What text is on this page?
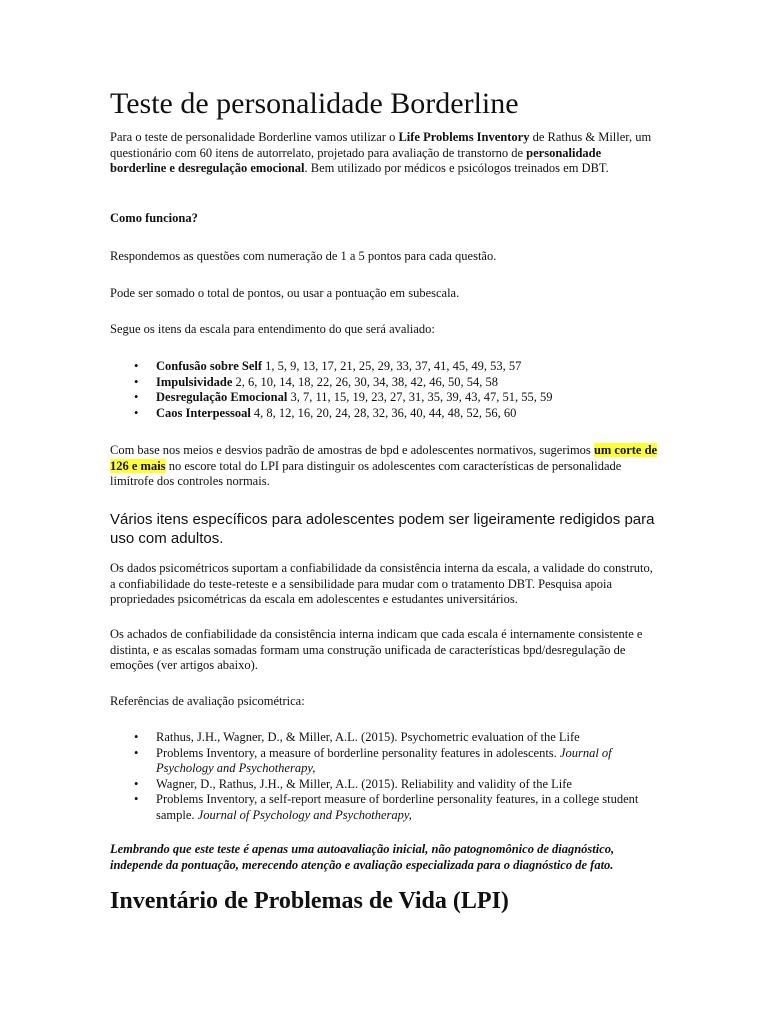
Teste de personalidade Borderline

Para o teste de personalidade Borderline vamos utilizar o Life Problems Inventory de Rathus & Miller, um questionário com 60 itens de autorrelato, projetado para avaliação de transtorno de personalidade borderline e desregulação emocional. Bem utilizado por médicos e psicólogos treinados em DBT.

Como funciona?

Respondemos as questões com numeração de 1 a 5 pontos para cada questão.

Pode ser somado o total de pontos, ou usar a pontuação em subescala.

Segue os itens da escala para entendimento do que será avaliado:

• Confusão sobre Self 1, 5, 9, 13, 17, 21, 25, 29, 33, 37, 41, 45, 49, 53, 57
• Impulsividade 2, 6, 10, 14, 18, 22, 26, 30, 34, 38, 42, 46, 50, 54, 58
• Desregulação Emocional 3, 7, 11, 15, 19, 23, 27, 31, 35, 39, 43, 47, 51, 55, 59
• Caos Interpessoal 4, 8, 12, 16, 20, 24, 28, 32, 36, 40, 44, 48, 52, 56, 60

Com base nos meios e desvios padrão de amostras de bpd e adolescentes normativos, sugerimos um corte de 126 e mais no escore total do LPI para distinguir os adolescentes com características de personalidade limítrofe dos controles normais.

Vários itens específicos para adolescentes podem ser ligeiramente redigidos para uso com adultos.

Os dados psicométricos suportam a confiabilidade da consistência interna da escala, a validade do construto, a confiabilidade do teste-reteste e a sensibilidade para mudar com o tratamento DBT. Pesquisa apoia propriedades psicométricas da escala em adolescentes e estudantes universitários.

Os achados de confiabilidade da consistência interna indicam que cada escala é internamente consistente e distinta, e as escalas somadas formam uma construção unificada de características bpd/desregulação de emoções (ver artigos abaixo).

Referências de avaliação psicométrica:

• Rathus, J.H., Wagner, D., & Miller, A.L. (2015). Psychometric evaluation of the Life
• Problems Inventory, a measure of borderline personality features in adolescents. Journal of Psychology and Psychotherapy,
• Wagner, D., Rathus, J.H., & Miller, A.L. (2015). Reliability and validity of the Life
• Problems Inventory, a self-report measure of borderline personality features, in a college student sample. Journal of Psychology and Psychotherapy,

Lembrando que este teste é apenas uma autoavaliação inicial, não patognomônico de diagnóstico, independe da pontuação, merecendo atenção e avaliação especializada para o diagnóstico de fato.

Inventário de Problemas de Vida (LPI)
